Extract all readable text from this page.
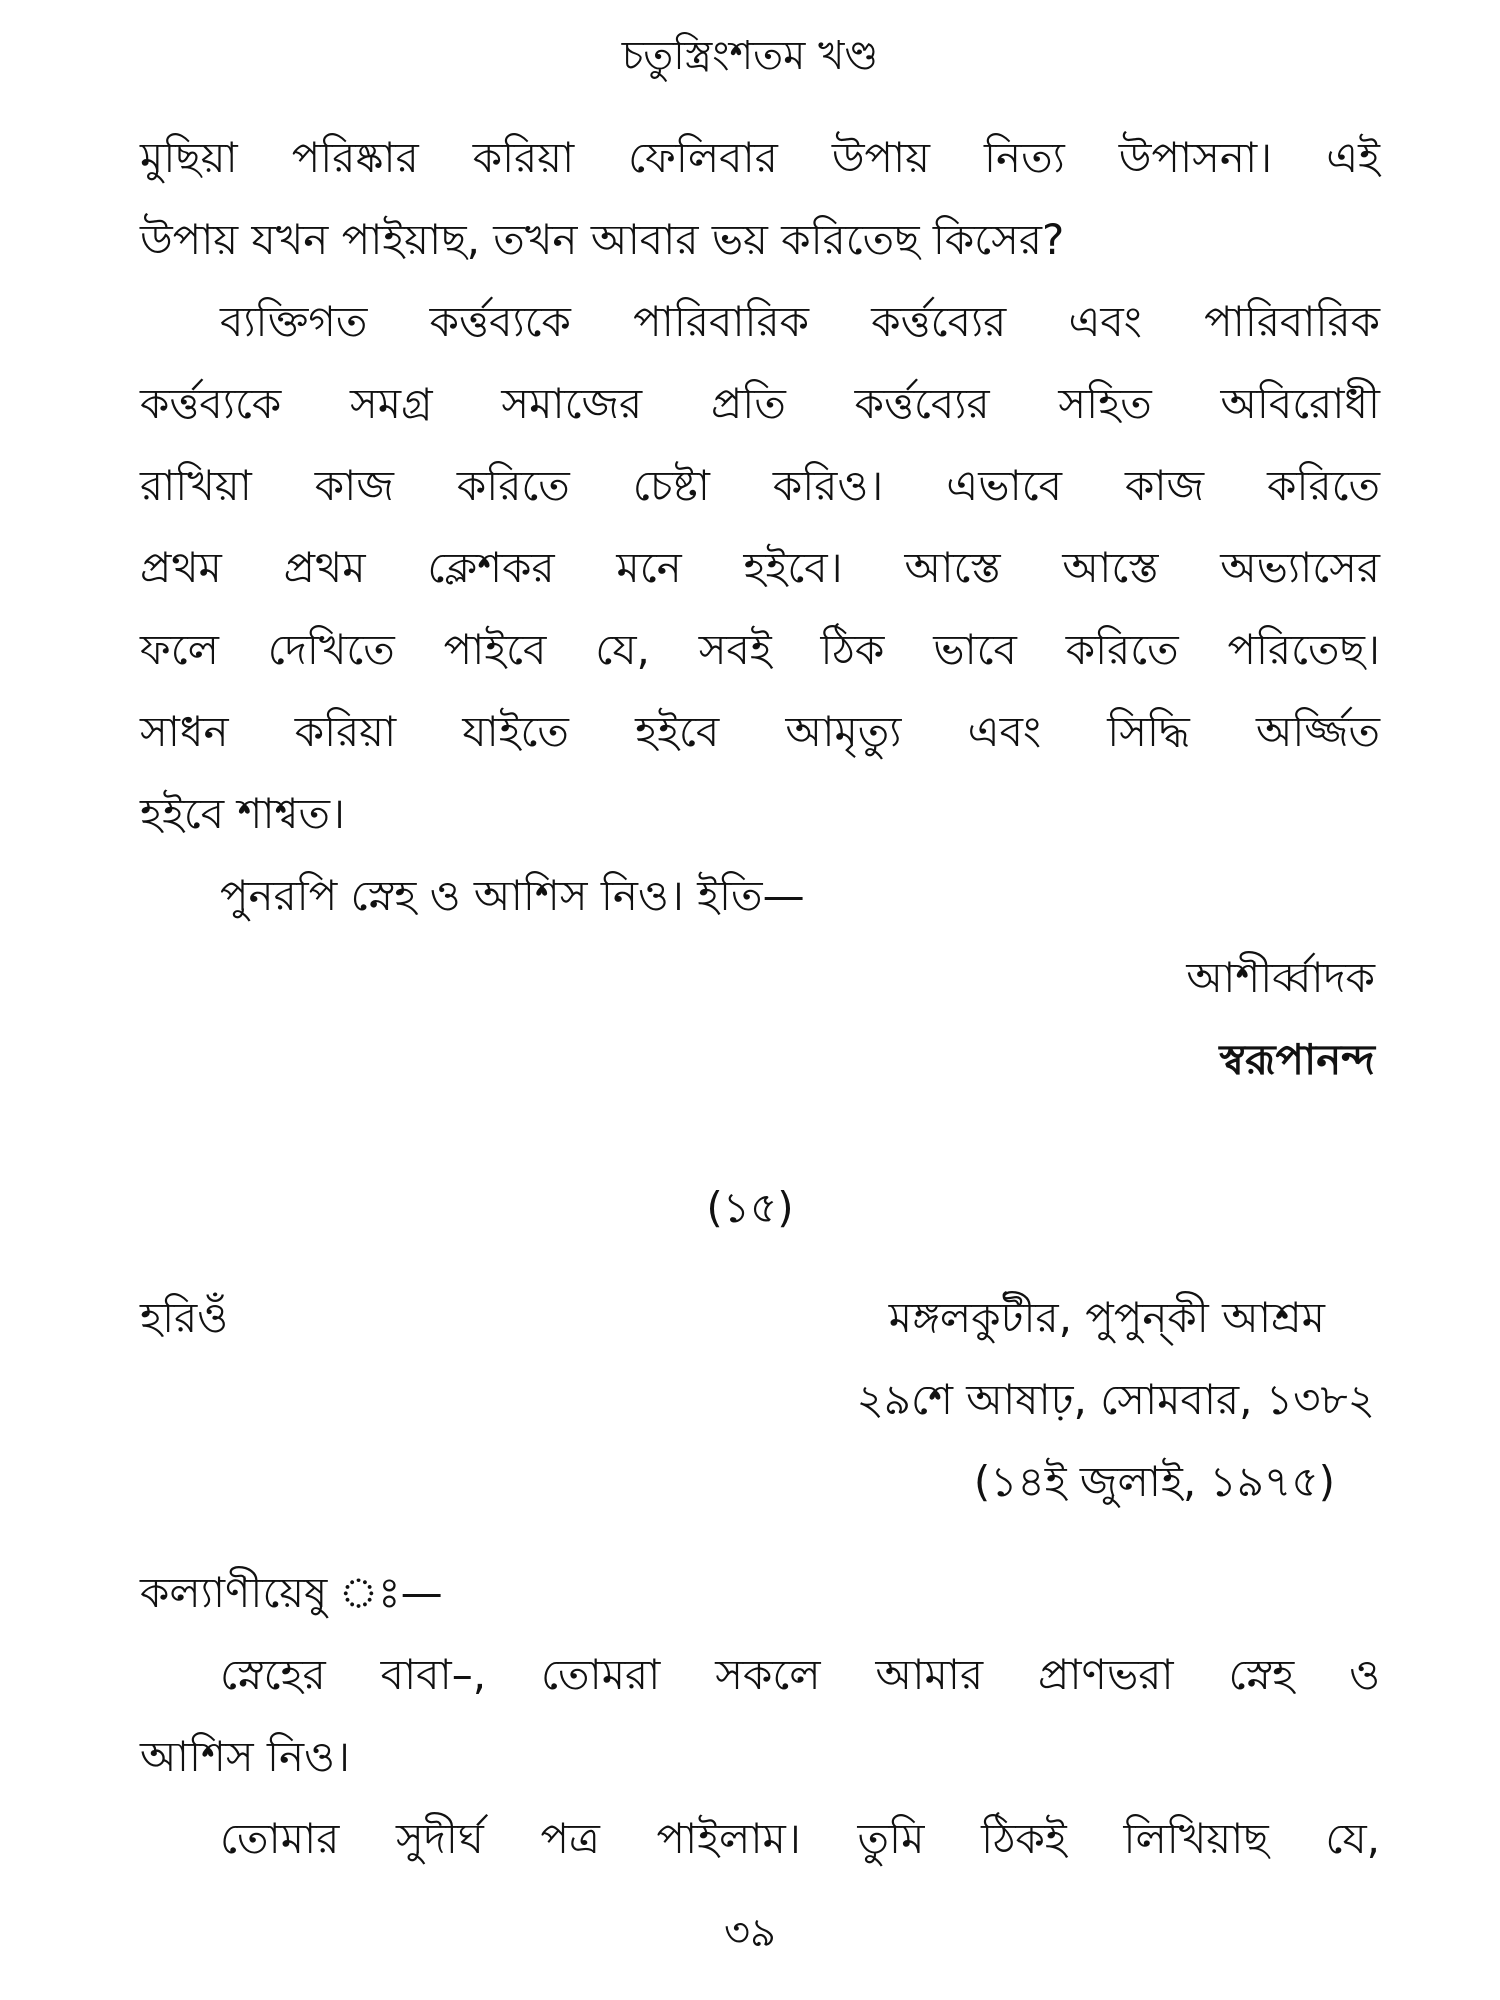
চতুস্ত্রিংশতম খণ্ড
মুছিয়া পরিষ্কার করিয়া ফেলিবার উপায় নিত্য উপাসনা। এই
উপায় যখন পাইয়াছ, তখন আবার ভয় করিতেছ কিসের?
ব্যক্তিগত কর্ত্তব্যকে পারিবারিক কর্ত্তব্যের এবং পারিবারিক
কর্ত্তব্যকে সমগ্র সমাজের প্রতি কর্ত্তব্যের সহিত অবিরোধী
রাখিয়া কাজ করিতে চেষ্টা করিও। এভাবে কাজ করিতে
প্রথম প্রথম ক্লেশকর মনে হইবে। আস্তে আস্তে অভ্যাসের
ফলে দেখিতে পাইবে যে, সবই ঠিক ভাবে করিতে পরিতেছ।
সাধন করিয়া যাইতে হইবে আমৃত্যু এবং সিদ্ধি অৰ্জ্জিত
হইবে শাশ্বত।
পুনরপি স্নেহ ও আশিস নিও। ইতি—
আশীর্ব্বাদক
স্বরূপানন্দ
(১৫)
হরিওঁ	মঙ্গলকুটীর, পুপুন্‌কী আশ্রম
২৯শে আষাঢ়, সোমবার, ১৩৮২
(১৪ই জুলাই, ১৯৭৫)
কল্যাণীয়েষু ঃ—
স্নেহের বাবা–, তোমরা সকলে আমার প্রাণভরা স্নেহ ও
আশিস নিও।
তোমার সুদীর্ঘ পত্র পাইলাম। তুমি ঠিকই লিখিয়াছ যে,
৩৯
